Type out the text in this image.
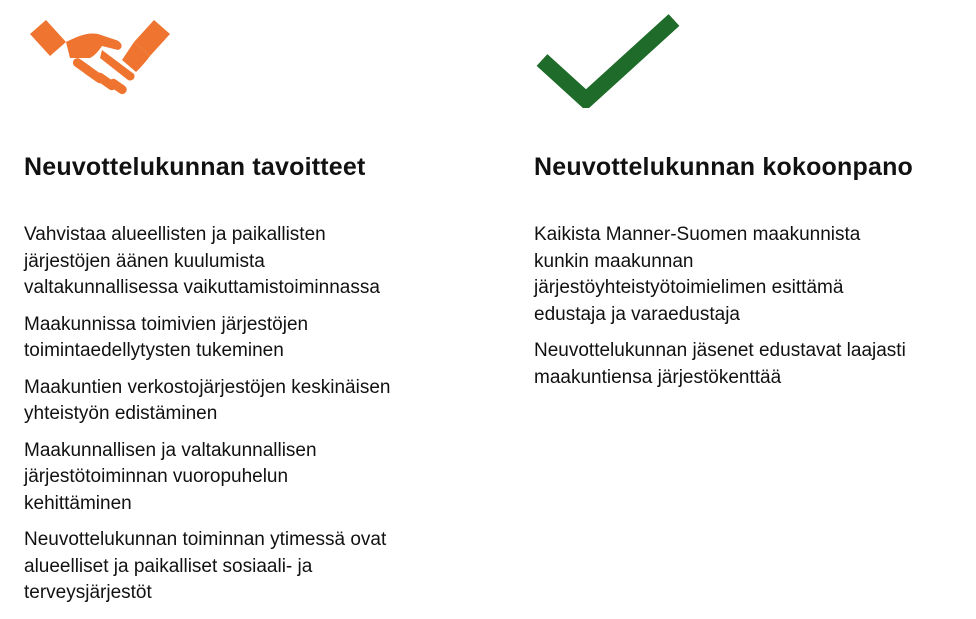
Neuvottelukunnan tavoitteet
Vahvistaa alueellisten ja paikallisten
järjestöjen äänen kuulumista
valtakunnallisessa vaikuttamistoiminnassa
Maakunnissa toimivien järjestöjen
toimintaedellytysten tukeminen
Maakuntien verkostojärjestöjen keskinäisen
yhteistyön edistäminen
Maakunnallisen ja valtakunnallisen
järjestötoiminnan vuoropuhelun
kehittäminen
Neuvottelukunnan toiminnan ytimessä ovat
alueelliset ja paikalliset sosiaali- ja
terveysjärjestöt
Neuvottelukunnan kokoonpano
Kaikista Manner-Suomen maakunnista
kunkin maakunnan
järjestöyhteistyötoimielimen esittämä
edustaja ja varaedustaja
Neuvottelukunnan jäsenet edustavat laajasti
maakuntiensa järjestökenttää
